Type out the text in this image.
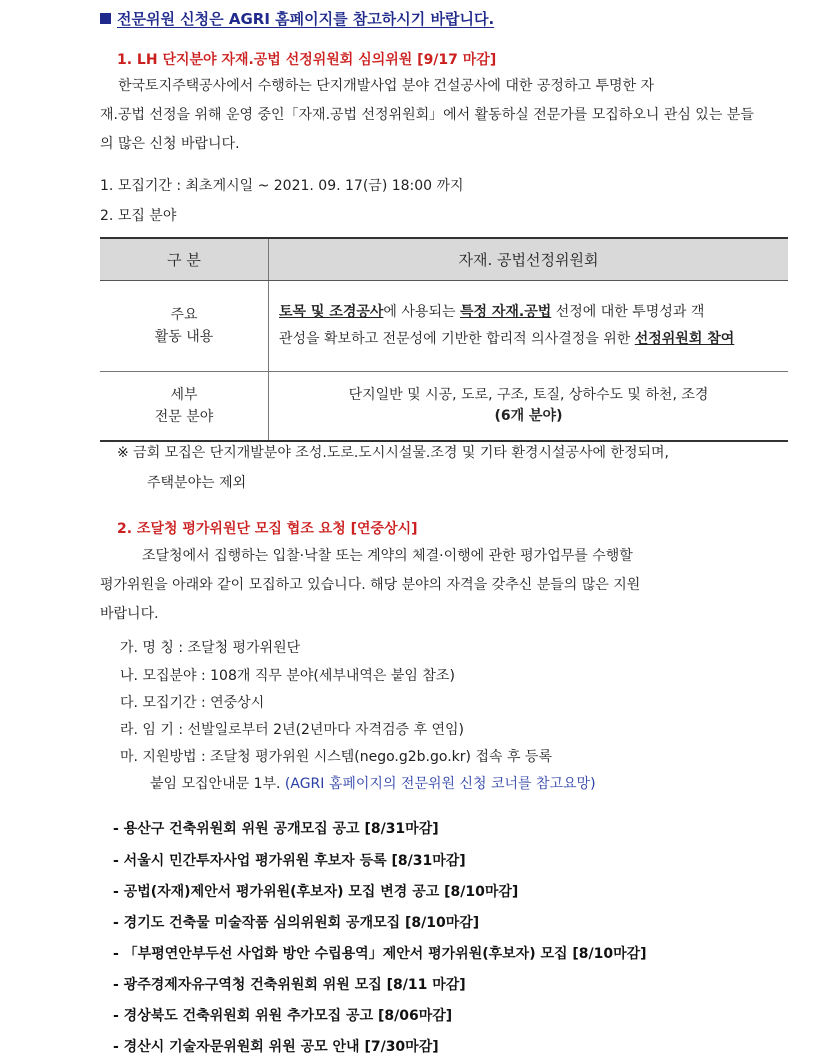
전문위원 신청은 AGRI 홈페이지를 참고하시기 바랍니다.
1. LH 단지분야 자재.공법 선정위원회 심의위원 [9/17 마감]
한국토지주택공사에서 수행하는 단지개발사업 분야 건설공사에 대한 공정하고 투명한 자
재.공법 선정을 위해 운영 중인「자재.공법 선정위원회」에서 활동하실 전문가를 모집하오니 관심 있는 분들
의 많은 신청 바랍니다.
1. 모집기간 : 최초게시일 ~ 2021. 09. 17(금) 18:00 까지
2. 모집 분야
구 분	자재. 공법선정위원회
주요
활동 내용	토목 및 조경공사에 사용되는 특정 자재.공법 선정에 대한 투명성과 객
관성을 확보하고 전문성에 기반한 합리적 의사결정을 위한 선정위원회 참여
세부
전문 분야	단지일반 및 시공, 도로, 구조, 토질, 상하수도 및 하천, 조경
(6개 분야)
※ 금회 모집은 단지개발분야 조성.도로.도시시설물.조경 및 기타 환경시설공사에 한정되며,
주택분야는 제외
2. 조달청 평가위원단 모집 협조 요청 [연중상시]
조달청에서 집행하는 입찰·낙찰 또는 계약의 체결·이행에 관한 평가업무를 수행할
평가위원을 아래와 같이 모집하고 있습니다. 해당 분야의 자격을 갖추신 분들의 많은 지원
바랍니다.
가. 명 칭 : 조달청 평가위원단
나. 모집분야 : 108개 직무 분야(세부내역은 붙임 참조)
다. 모집기간 : 연중상시
라. 임 기 : 선발일로부터 2년(2년마다 자격검증 후 연임)
마. 지원방법 : 조달청 평가위원 시스템(nego.g2b.go.kr) 접속 후 등록
붙임 모집안내문 1부. (AGRI 홈페이지의 전문위원 신청 코너를 참고요망)
- 용산구 건축위원회 위원 공개모집 공고 [8/31마감]
- 서울시 민간투자사업 평가위원 후보자 등록 [8/31마감]
- 공법(자재)제안서 평가위원(후보자) 모집 변경 공고 [8/10마감]
- 경기도 건축물 미술작품 심의위원회 공개모집 [8/10마감]
- 「부평연안부두선 사업화 방안 수립용역」제안서 평가위원(후보자) 모집 [8/10마감]
- 광주경제자유구역청 건축위원회 위원 모집 [8/11 마감]
- 경상북도 건축위원회 위원 추가모집 공고 [8/06마감]
- 경산시 기술자문위원회 위원 공모 안내 [7/30마감]
